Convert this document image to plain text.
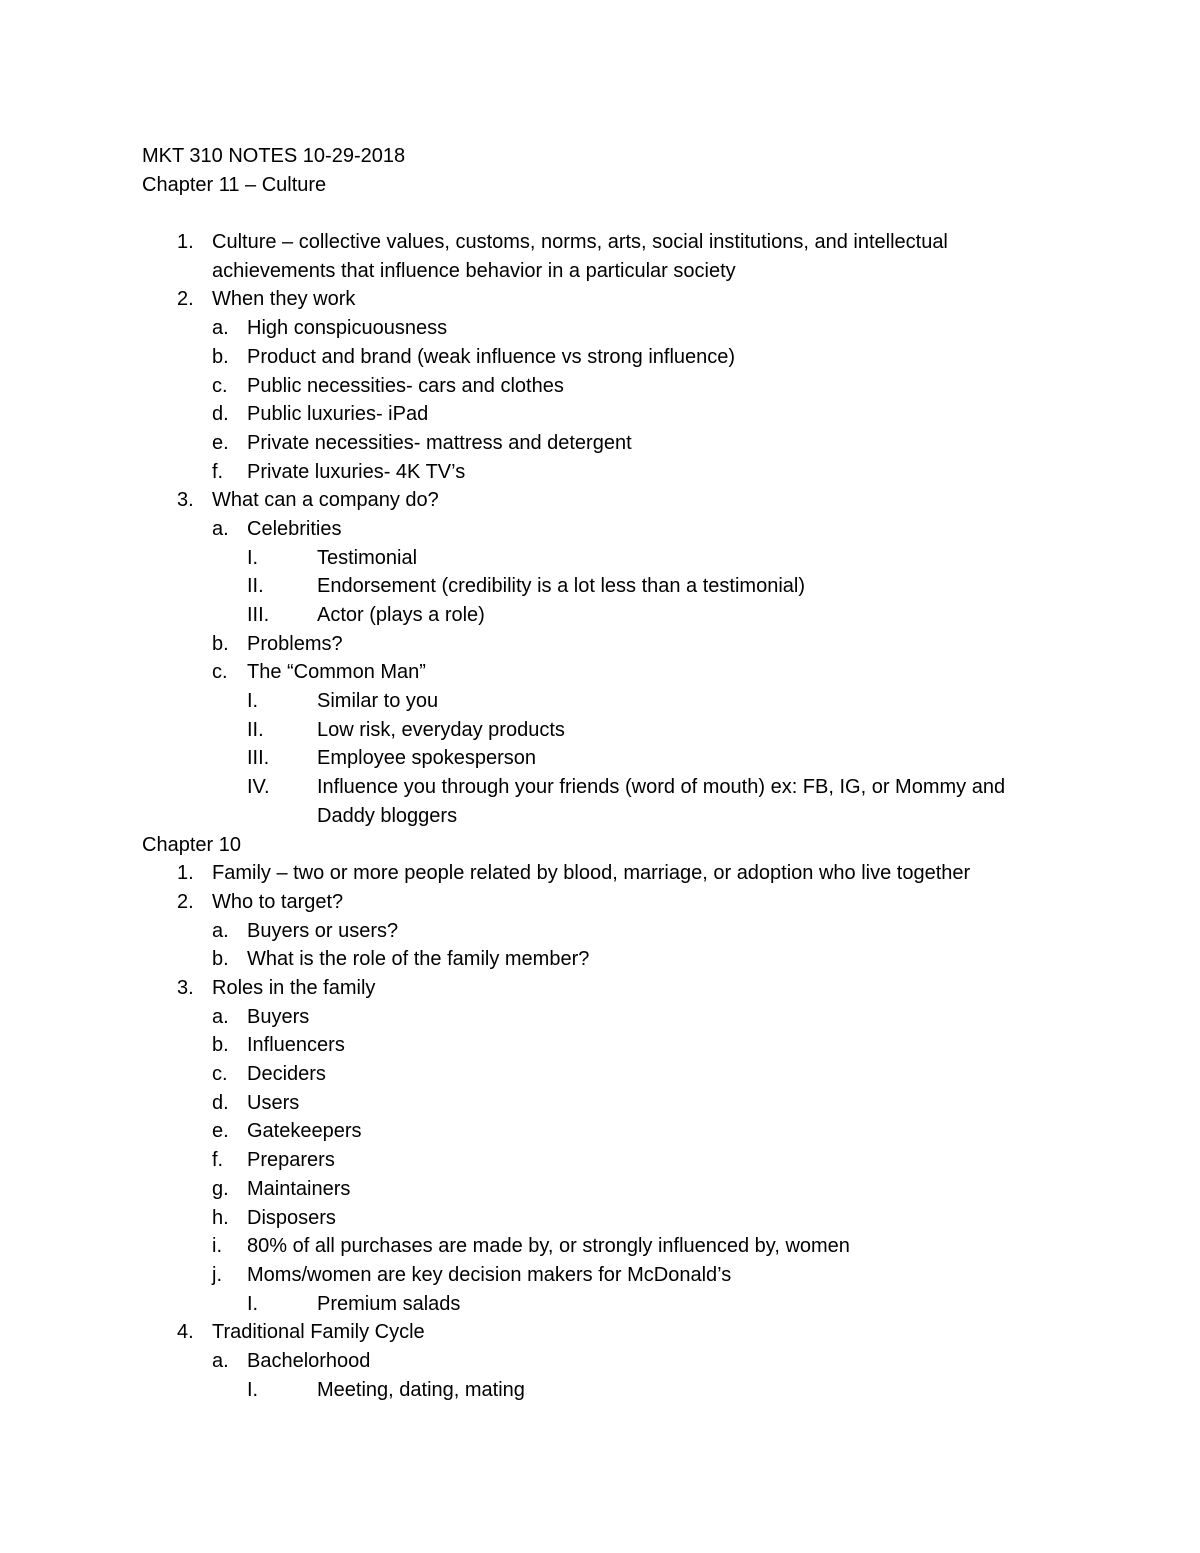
MKT 310 NOTES 10-29-2018
Chapter 11 – Culture
1. Culture – collective values, customs, norms, arts, social institutions, and intellectual achievements that influence behavior in a particular society
2. When they work
a. High conspicuousness
b. Product and brand (weak influence vs strong influence)
c. Public necessities- cars and clothes
d. Public luxuries- iPad
e. Private necessities- mattress and detergent
f.	Private luxuries- 4K TV’s
3. What can a company do?
a. Celebrities
I.	Testimonial
II.	Endorsement (credibility is a lot less than a testimonial)
III.	Actor (plays a role)
b. Problems?
c. The “Common Man”
I.	Similar to you
II.	Low risk, everyday products
III.	Employee spokesperson
IV.	Influence you through your friends (word of mouth) ex: FB, IG, or Mommy and Daddy bloggers
Chapter 10
1. Family – two or more people related by blood, marriage, or adoption who live together
2. Who to target?
a. Buyers or users?
b. What is the role of the family member?
3. Roles in the family
a. Buyers
b. Influencers
c. Deciders
d. Users
e. Gatekeepers
f.	Preparers
g. Maintainers
h. Disposers
i.	80% of all purchases are made by, or strongly influenced by, women
j.	Moms/women are key decision makers for McDonald’s
I.	Premium salads
4. Traditional Family Cycle
a. Bachelorhood
I.	Meeting, dating, mating
